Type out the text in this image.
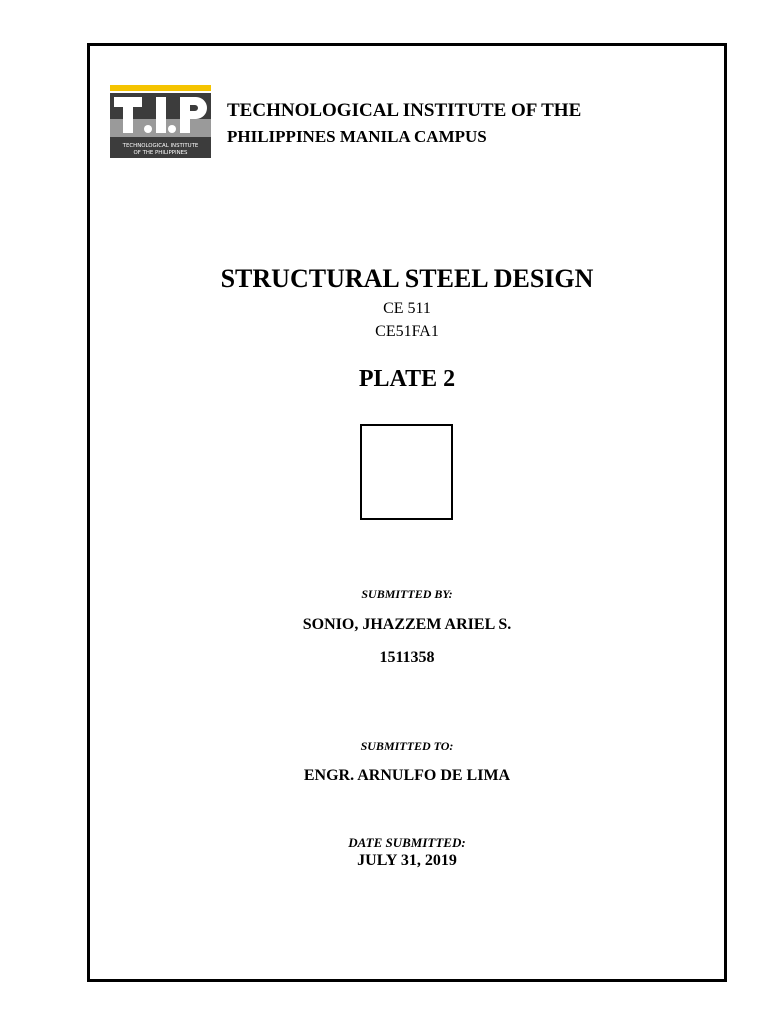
TECHNOLOGICAL INSTITUTE
OF THE PHILIPPINES
TECHNOLOGICAL INSTITUTE OF THE
PHILIPPINES MANILA CAMPUS
STRUCTURAL STEEL DESIGN
CE 511
CE51FA1
PLATE 2
SUBMITTED BY:
SONIO, JHAZZEM ARIEL S.
1511358
SUBMITTED TO:
ENGR. ARNULFO DE LIMA
DATE SUBMITTED:
JULY 31, 2019
